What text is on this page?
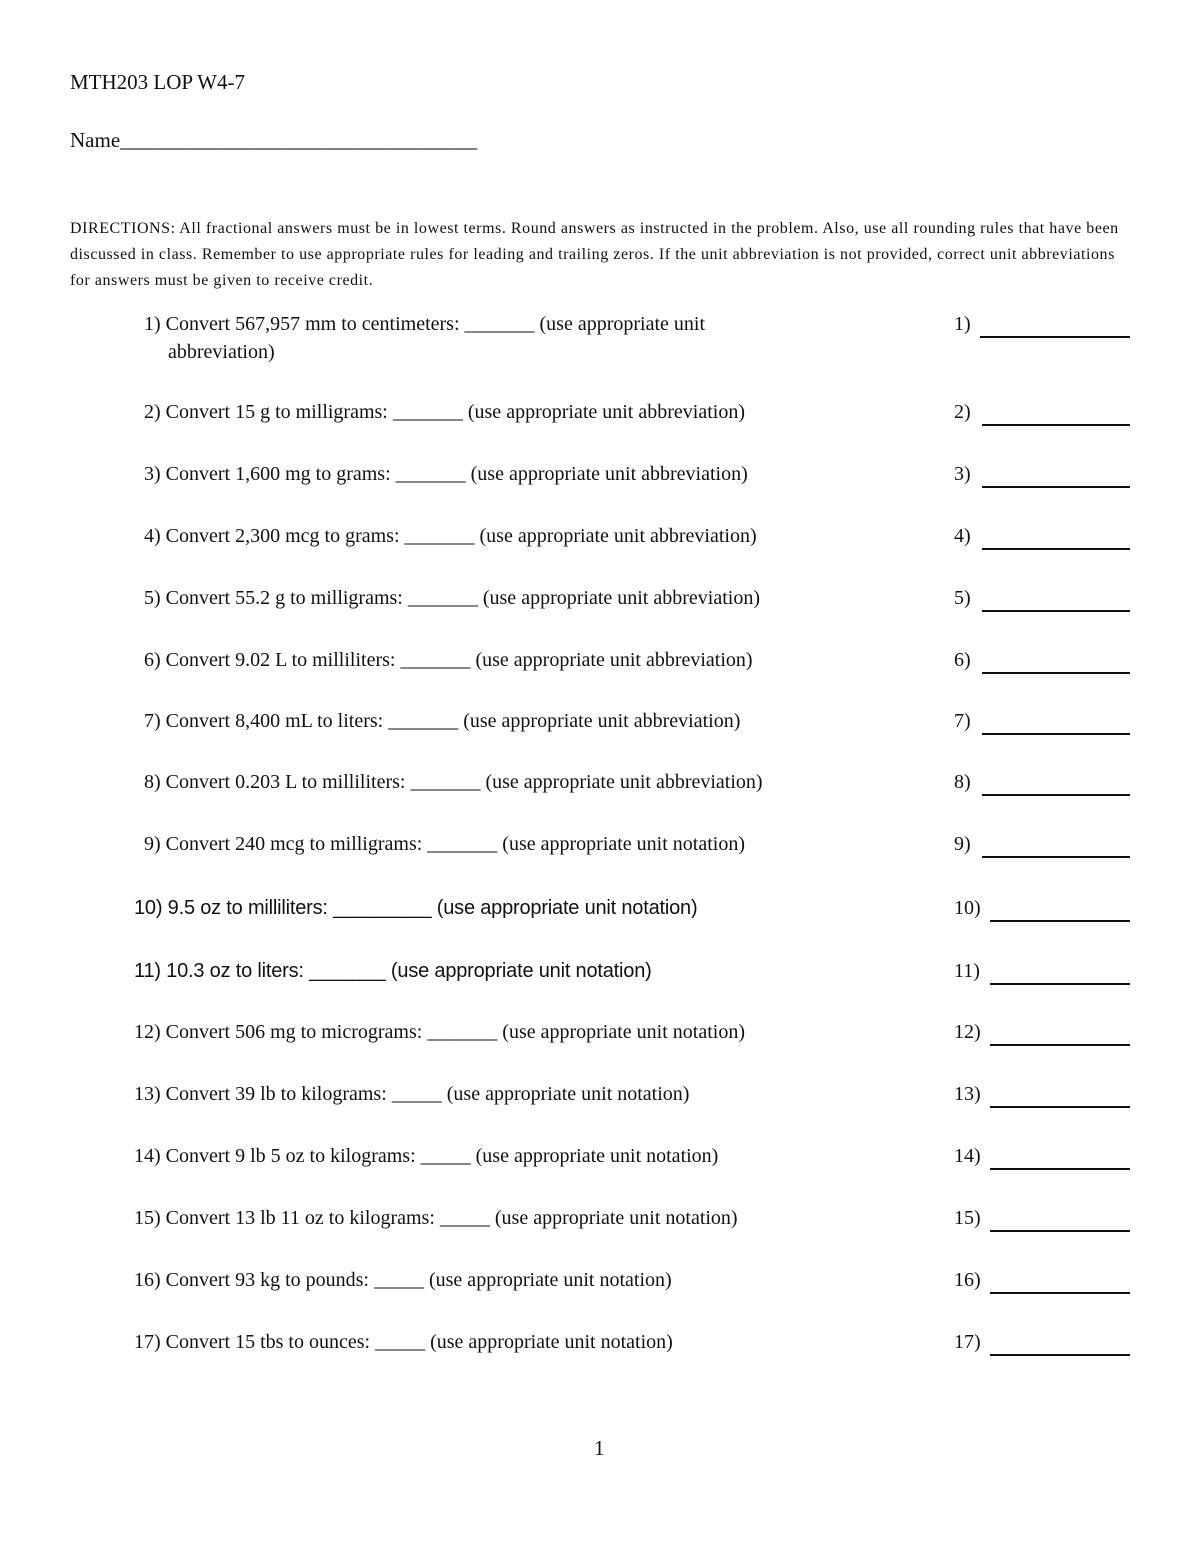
MTH203 LOP W4-7
Name__________________________________
DIRECTIONS: All fractional answers must be in lowest terms. Round answers as instructed in the problem. Also, use all rounding rules that have been discussed in class. Remember to use appropriate rules for leading and trailing zeros. If the unit abbreviation is not provided, correct unit abbreviations for answers must be given to receive credit.
1) Convert 567,957 mm to centimeters: _______ (use appropriate unit
abbreviation)
1)
2) Convert 15 g to milligrams: _______ (use appropriate unit abbreviation)	2)
3) Convert 1,600 mg to grams: _______ (use appropriate unit abbreviation)	3)
4) Convert 2,300 mcg to grams: _______ (use appropriate unit abbreviation)	4)
5) Convert 55.2 g to milligrams: _______ (use appropriate unit abbreviation)	5)
6) Convert 9.02 L to milliliters: _______ (use appropriate unit abbreviation)	6)
7) Convert 8,400 mL to liters: _______ (use appropriate unit abbreviation)	7)
8) Convert 0.203 L to milliliters: _______ (use appropriate unit abbreviation)	8)
9) Convert 240 mcg to milligrams: _______ (use appropriate unit notation)	9)
10) 9.5 oz to milliliters: _________ (use appropriate unit notation)	10)
11) 10.3 oz to liters: _______ (use appropriate unit notation)	11)
12) Convert 506 mg to micrograms: _______ (use appropriate unit notation)	12)
13) Convert 39 lb to kilograms: _____ (use appropriate unit notation)	13)
14) Convert 9 lb 5 oz to kilograms: _____ (use appropriate unit notation)	14)
15) Convert 13 lb 11 oz to kilograms: _____ (use appropriate unit notation)	15)
16) Convert 93 kg to pounds: _____ (use appropriate unit notation)	16)
17) Convert 15 tbs to ounces: _____ (use appropriate unit notation)	17)
1
